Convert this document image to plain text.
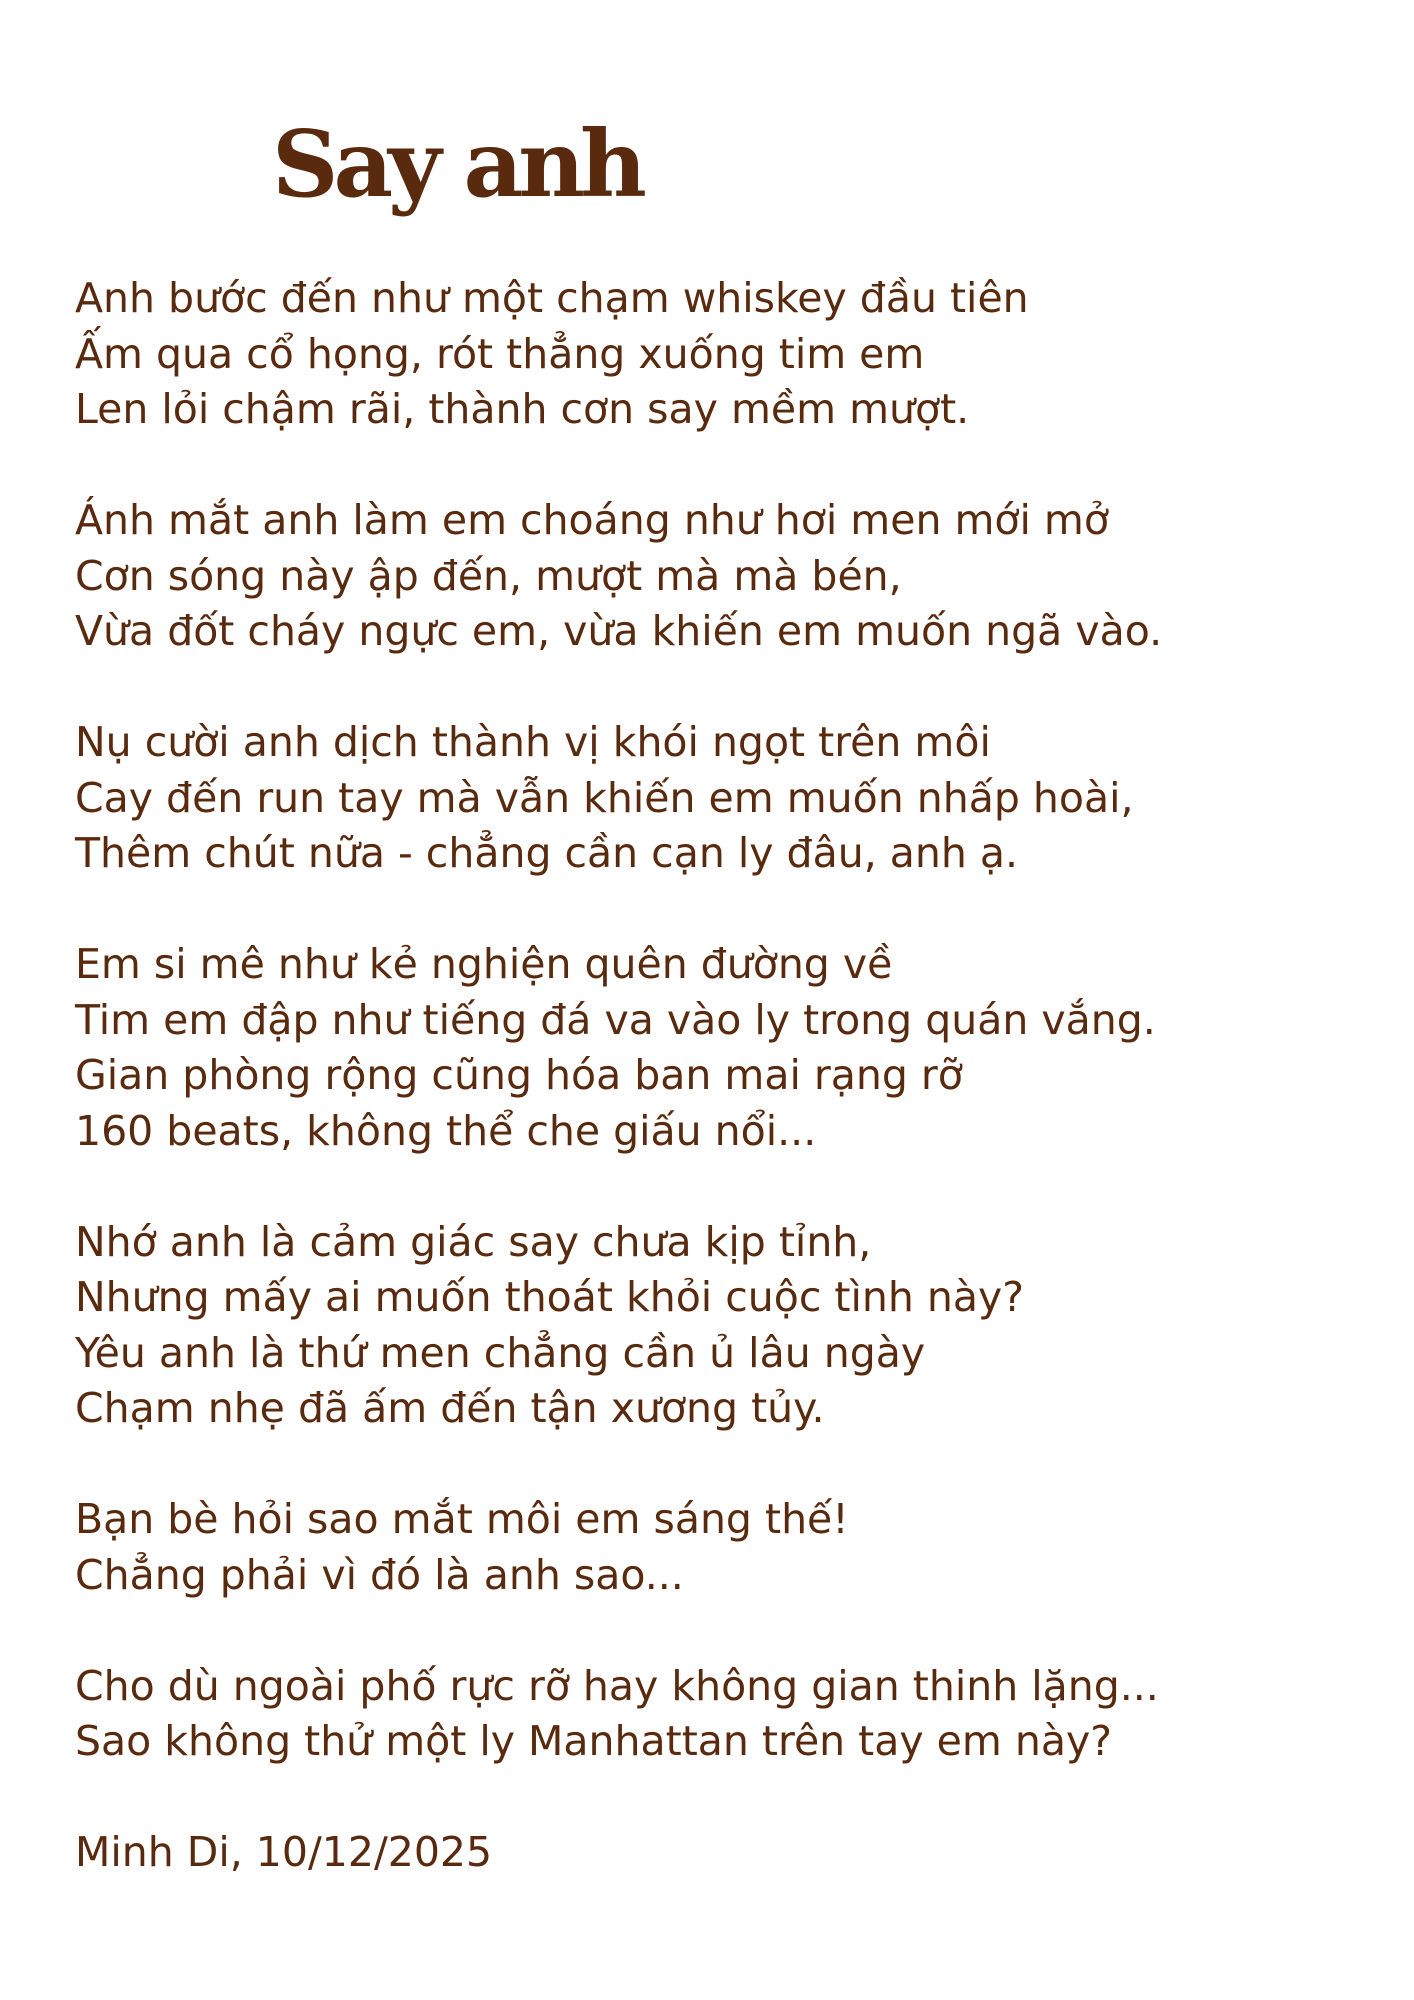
Say anh

Anh bước đến như một chạm whiskey đầu tiên
Ấm qua cổ họng, rót thẳng xuống tim em
Len lỏi chậm rãi, thành cơn say mềm mượt.

Ánh mắt anh làm em choáng như hơi men mới mở
Cơn sóng này ập đến, mượt mà mà bén,
Vừa đốt cháy ngực em, vừa khiến em muốn ngã vào.

Nụ cười anh dịch thành vị khói ngọt trên môi
Cay đến run tay mà vẫn khiến em muốn nhấp hoài,
Thêm chút nữa - chẳng cần cạn ly đâu, anh ạ.

Em si mê như kẻ nghiện quên đường về
Tim em đập như tiếng đá va vào ly trong quán vắng.
Gian phòng rộng cũng hóa ban mai rạng rỡ
160 beats, không thể che giấu nổi...

Nhớ anh là cảm giác say chưa kịp tỉnh,
Nhưng mấy ai muốn thoát khỏi cuộc tình này?
Yêu anh là thứ men chẳng cần ủ lâu ngày
Chạm nhẹ đã ấm đến tận xương tủy.

Bạn bè hỏi sao mắt môi em sáng thế!
Chẳng phải vì đó là anh sao...

Cho dù ngoài phố rực rỡ hay không gian thinh lặng...
Sao không thử một ly Manhattan trên tay em này?

Minh Di, 10/12/2025
